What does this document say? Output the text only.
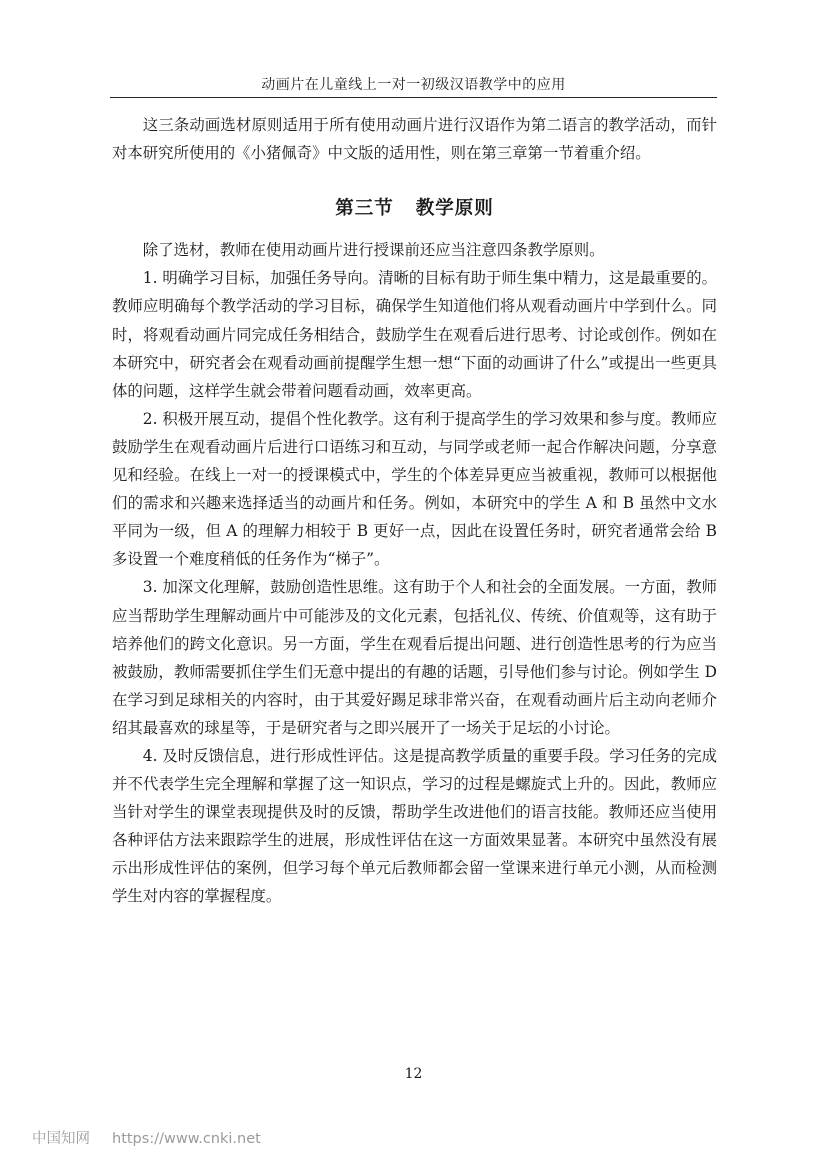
动画片在儿童线上一对一初级汉语教学中的应用

这三条动画选材原则适用于所有使用动画片进行汉语作为第二语言的教学活动，而针对本研究所使用的《小猪佩奇》中文版的适用性，则在第三章第一节着重介绍。

第三节 教学原则

除了选材，教师在使用动画片进行授课前还应当注意四条教学原则。

1. 明确学习目标，加强任务导向。清晰的目标有助于师生集中精力，这是最重要的。教师应明确每个教学活动的学习目标，确保学生知道他们将从观看动画片中学到什么。同时，将观看动画片同完成任务相结合，鼓励学生在观看后进行思考、讨论或创作。例如在本研究中，研究者会在观看动画前提醒学生想一想“下面的动画讲了什么”或提出一些更具体的问题，这样学生就会带着问题看动画，效率更高。

2. 积极开展互动，提倡个性化教学。这有利于提高学生的学习效果和参与度。教师应鼓励学生在观看动画片后进行口语练习和互动，与同学或老师一起合作解决问题，分享意见和经验。在线上一对一的授课模式中，学生的个体差异更应当被重视，教师可以根据他们的需求和兴趣来选择适当的动画片和任务。例如，本研究中的学生 A 和 B 虽然中文水平同为一级，但 A 的理解力相较于 B 更好一点，因此在设置任务时，研究者通常会给 B 多设置一个难度稍低的任务作为“梯子”。

3. 加深文化理解，鼓励创造性思维。这有助于个人和社会的全面发展。一方面，教师应当帮助学生理解动画片中可能涉及的文化元素，包括礼仪、传统、价值观等，这有助于培养他们的跨文化意识。另一方面，学生在观看后提出问题、进行创造性思考的行为应当被鼓励，教师需要抓住学生们无意中提出的有趣的话题，引导他们参与讨论。例如学生 D 在学习到足球相关的内容时，由于其爱好踢足球非常兴奋，在观看动画片后主动向老师介绍其最喜欢的球星等，于是研究者与之即兴展开了一场关于足坛的小讨论。

4. 及时反馈信息，进行形成性评估。这是提高教学质量的重要手段。学习任务的完成并不代表学生完全理解和掌握了这一知识点，学习的过程是螺旋式上升的。因此，教师应当针对学生的课堂表现提供及时的反馈，帮助学生改进他们的语言技能。教师还应当使用各种评估方法来跟踪学生的进展，形成性评估在这一方面效果显著。本研究中虽然没有展示出形成性评估的案例，但学习每个单元后教师都会留一堂课来进行单元小测，从而检测学生对内容的掌握程度。

12
中国知网 https://www.cnki.net
